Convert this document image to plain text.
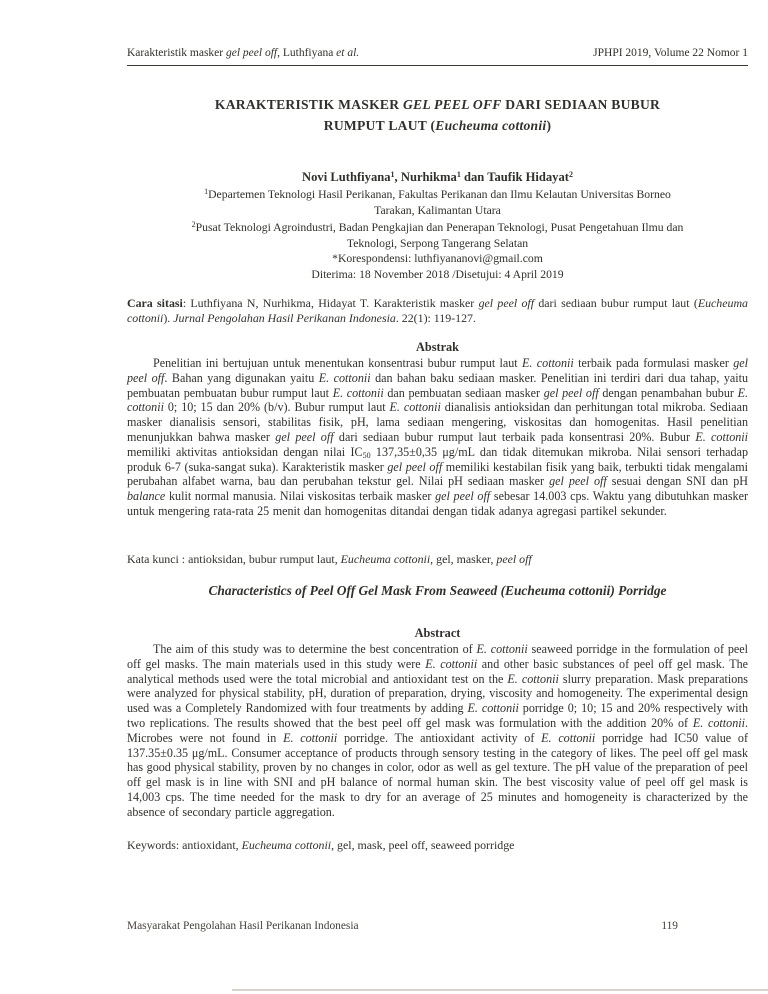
Karakteristik masker gel peel off, Luthfiyana et al.	JPHPI 2019, Volume 22 Nomor 1
KARAKTERISTIK MASKER GEL PEEL OFF DARI SEDIAAN BUBUR
RUMPUT LAUT (Eucheuma cottonii)
Novi Luthfiyana$^1$, Nurhikma$^1$ dan Taufik Hidayat$^2$
$^1$Departemen Teknologi Hasil Perikanan, Fakultas Perikanan dan Ilmu Kelautan Universitas Borneo
Tarakan, Kalimantan Utara
$^2$Pusat Teknologi Agroindustri, Badan Pengkajian dan Penerapan Teknologi, Pusat Pengetahuan Ilmu dan
Teknologi, Serpong Tangerang Selatan
*Korespondensi: luthfiyananovi@gmail.com
Diterima: 18 November 2018 /Disetujui: 4 April 2019

Cara sitasi: Luthfiyana N, Nurhikma, Hidayat T. Karakteristik masker gel peel off dari sediaan bubur rumput laut (Eucheuma cottonii). Jurnal Pengolahan Hasil Perikanan Indonesia. 22(1): 119-127.

Abstrak

Penelitian ini bertujuan untuk menentukan konsentrasi bubur rumput laut E. cottonii terbaik pada formulasi masker gel peel off. Bahan yang digunakan yaitu E. cottonii dan bahan baku sediaan masker. Penelitian ini terdiri dari dua tahap, yaitu pembuatan pembuatan bubur rumput laut E. cottonii dan pembuatan sediaan masker gel peel off dengan penambahan bubur E. cottonii 0; 10; 15 dan 20% (b/v). Bubur rumput laut E. cottonii dianalisis antioksidan dan perhitungan total mikroba. Sediaan masker dianalisis sensori, stabilitas fisik, pH, lama sediaan mengering, viskositas dan homogenitas. Hasil penelitian menunjukkan bahwa masker gel peel off dari sediaan bubur rumput laut terbaik pada konsentrasi 20%. Bubur E. cottonii memiliki aktivitas antioksidan dengan nilai $IC_{50}$ 137,35±0,35 μg/mL dan tidak ditemukan mikroba. Nilai sensori terhadap produk 6-7 (suka-sangat suka). Karakteristik masker gel peel off memiliki kestabilan fisik yang baik, terbukti tidak mengalami perubahan alfabet warna, bau dan perubahan tekstur gel. Nilai pH sediaan masker gel peel off sesuai dengan SNI dan pH balance kulit normal manusia. Nilai viskositas terbaik masker gel peel off sebesar 14.003 cps. Waktu yang dibutuhkan masker untuk mengering rata-rata 25 menit dan homogenitas ditandai dengan tidak adanya agregasi partikel sekunder.

Kata kunci : antioksidan, bubur rumput laut, Eucheuma cottonii, gel, masker, peel off

Characteristics of Peel Off Gel Mask From Seaweed (Eucheuma cottonii) Porridge
Abstract

The aim of this study was to determine the best concentration of E. cottonii seaweed porridge in the formulation of peel off gel masks. The main materials used in this study were E. cottonii and other basic substances of peel off gel mask. The analytical methods used were the total microbial and antioxidant test on the E. cottonii slurry preparation. Mask preparations were analyzed for physical stability, pH, duration of preparation, drying, viscosity and homogeneity. The experimental design used was a Completely Randomized with four treatments by adding E. cottonii porridge 0; 10; 15 and 20% respectively with two replications. The results showed that the best peel off gel mask was formulation with the addition 20% of E. cottonii. Microbes were not found in E. cottonii porridge. The antioxidant activity of E. cottonii porridge had IC50 value of 137.35±0.35 μg/mL. Consumer acceptance of products through sensory testing in the category of likes. The peel off gel mask has good physical stability, proven by no changes in color, odor as well as gel texture. The pH value of the preparation of peel off gel mask is in line with SNI and pH balance of normal human skin. The best viscosity value of peel off gel mask is 14,003 cps. The time needed for the mask to dry for an average of 25 minutes and homogeneity is characterized by the absence of secondary particle aggregation.

Keywords: antioxidant, Eucheuma cottonii, gel, mask, peel off, seaweed porridge

Masyarakat Pengolahan Hasil Perikanan Indonesia	119
